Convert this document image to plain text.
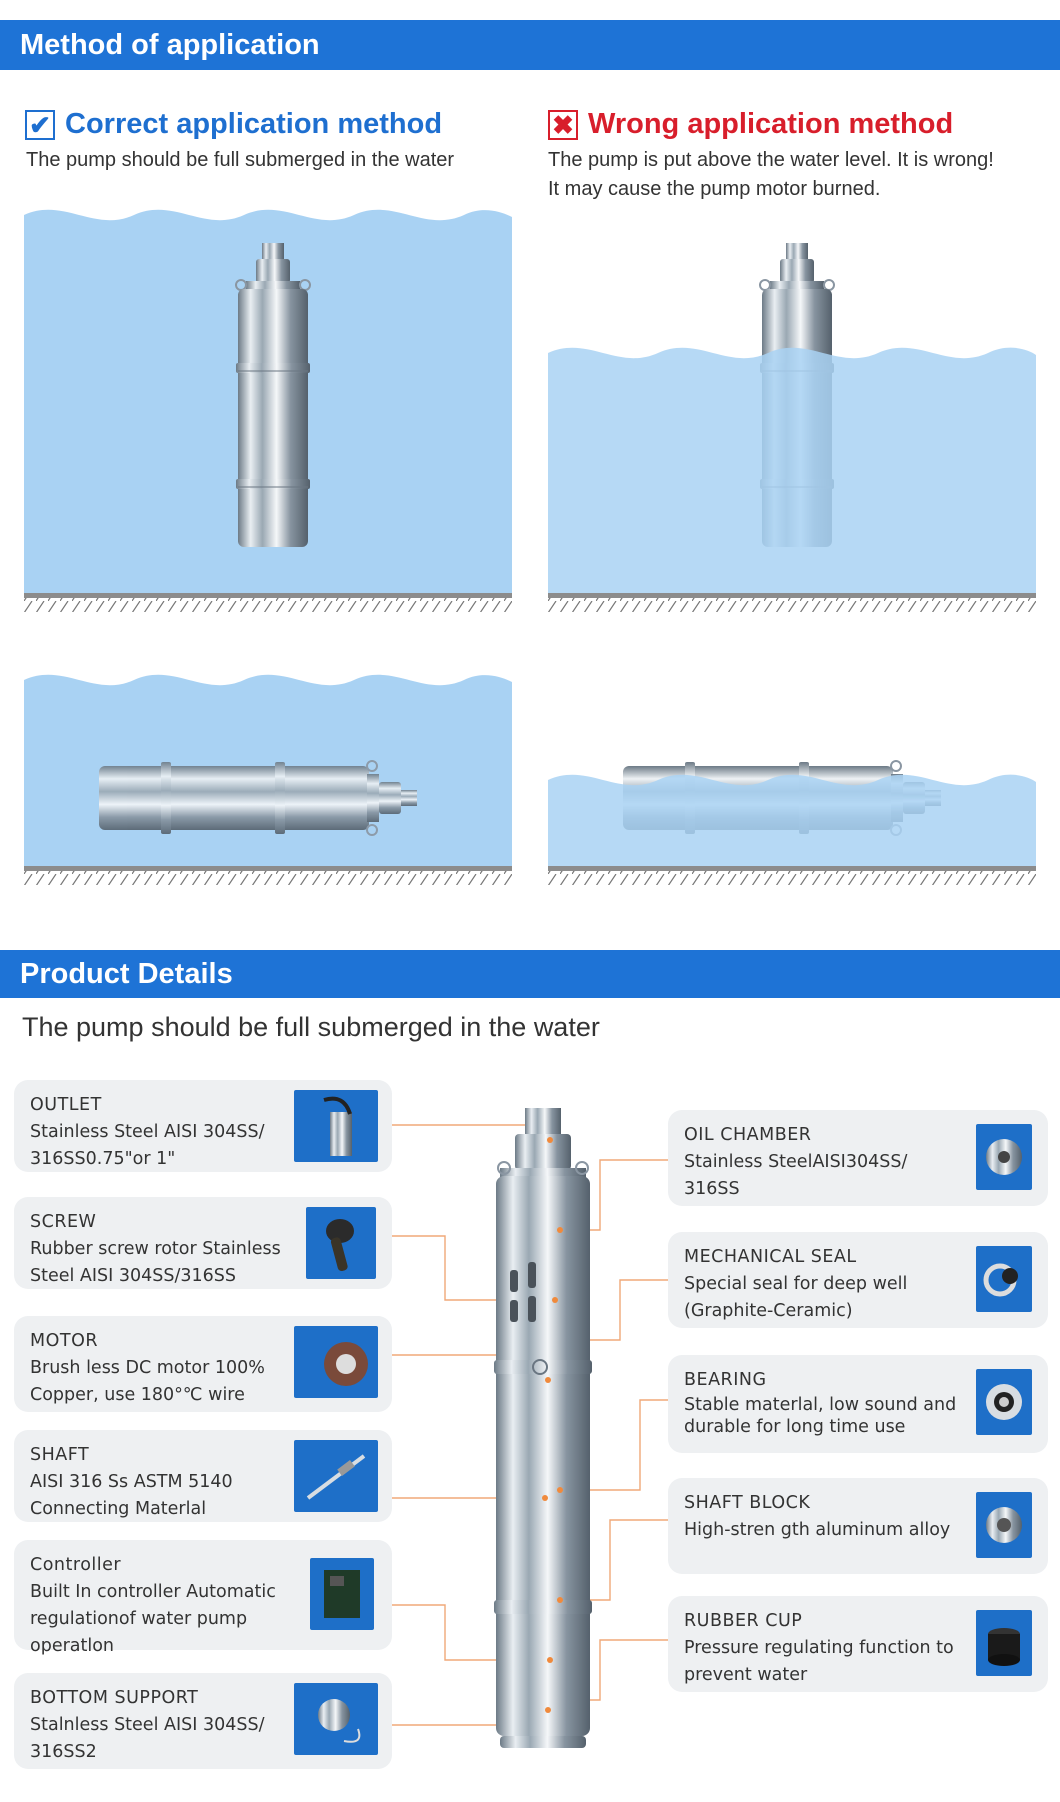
Method of application
✔ Correct application method
The pump should be full submerged in the water
✖ Wrong application method
The pump is put above the water level. It is wrong!
It may cause the pump motor burned.
Product Details
The pump should be full submerged in the water
OUTLET
Stainless Steel AISI 304SS/ 316SS0.75"or 1"
SCREW
Rubber screw rotor Stainless Steel AISI 304SS/316SS
MOTOR
Brush less DC motor 100% Copper, use 180°℃ wire
SHAFT
AISI 316 Ss ASTM 5140 Connecting Materlal
Controller
Built In controller Automatic regulationof water pump operatlon
BOTTOM SUPPORT
Stalnless Steel AISI 304SS/ 316SS2
OIL CHAMBER
Stainless SteelAISI304SS/ 316SS
MECHANICAL SEAL
Special seal for deep well (Graphite-Ceramic)
BEARING
Stable materlal, low sound and durable for long time use
SHAFT BLOCK
High-stren gth aluminum alloy
RUBBER CUP
Pressure regulating function to prevent water
